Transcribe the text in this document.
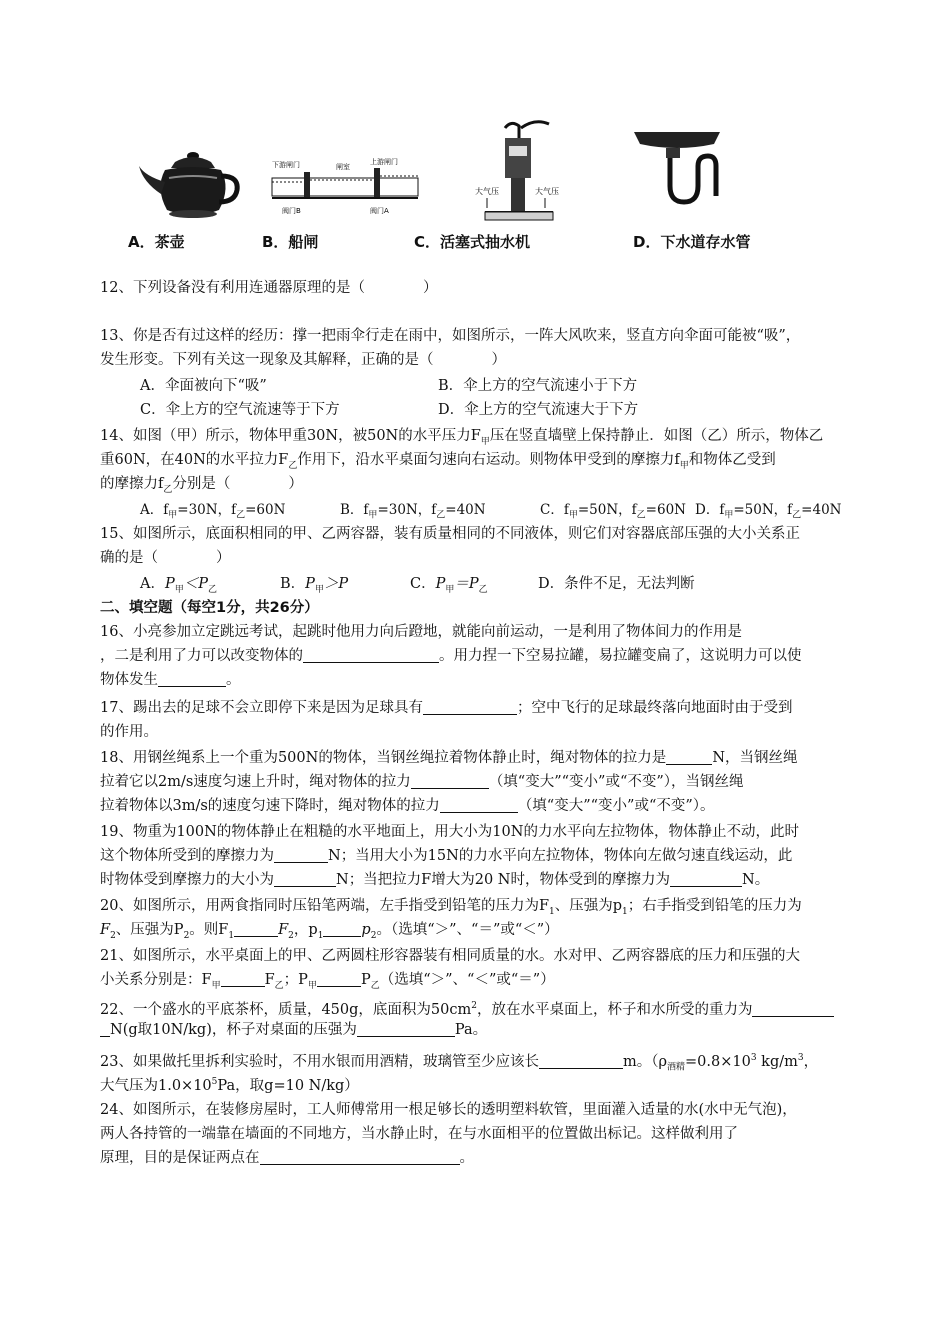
下游闸门	闸室
上游闸门
阀门B	阀门A
大气压	大气压
A．茶壶	B．船闸	C．活塞式抽水机	D．下水道存水管
12、下列设备没有利用连通器原理的是（　　　　）
13、你是否有过这样的经历：撑一把雨伞行走在雨中，如图所示，一阵大风吹来，竖直方向伞面可能被“吸”，
发生形变。下列有关这一现象及其解释，正确的是（　　　　）
A．伞面被向下“吸”	B．伞上方的空气流速小于下方
C．伞上方的空气流速等于下方	D．伞上方的空气流速大于下方
14、如图（甲）所示，物体甲重30N，被50N的水平压力$F_甲$压在竖直墙壁上保持静止．如图（乙）所示，物体乙
重60N，在40N的水平拉力$F_乙$作用下，沿水平桌面匀速向右运动。则物体甲受到的摩擦力$f_甲$和物体乙受到
的摩擦力$f_乙$分别是（　　　　）
A．$f_甲=30N$，$f_乙=60N$	B．$f_甲=30N$，$f_乙=40N$	C．$f_甲=50N$，$f_乙=60N$ D．$f_甲=50N$，$f_乙=40N$
15、如图所示，底面积相同的甲、乙两容器，装有质量相同的不同液体，则它们对容器底部压强的大小关系正
确的是（　　　　）
A．$P_甲<P_乙$	B．$P_甲>P$	C．$P_甲=P_乙$	D．条件不足，无法判断
二、填空题（每空1分，共26分）
16、小亮参加立定跳远考试，起跳时他用力向后蹬地，就能向前运动，一是利用了物体间力的作用是
，二是利用了力可以改变物体的	。用力捏一下空易拉罐，易拉罐变扁了，这说明力可以使
物体发生	。
17、踢出去的足球不会立即停下来是因为足球具有	；空中飞行的足球最终落向地面时由于受到
的作用。
18、用钢丝绳系上一个重为500N的物体，当钢丝绳拉着物体静止时，绳对物体的拉力是	N，当钢丝绳
拉着它以2m/s速度匀速上升时，绳对物体的拉力	（填“变大”“变小”或“不变”），当钢丝绳
拉着物体以3m/s的速度匀速下降时，绳对物体的拉力	（填“变大”“变小”或“不变”）。
19、物重为100N的物体静止在粗糙的水平地面上，用大小为10N的力水平向左拉物体，物体静止不动，此时
这个物体所受到的摩擦力为	N；当用大小为15N的力水平向左拉物体，物体向左做匀速直线运动，此
时物体受到摩擦力的大小为	N；当把拉力F增大为20 N时，物体受到的摩擦力为	N。
20、如图所示，用两食指同时压铅笔两端，左手指受到铅笔的压力为$F_1$、压强为$p_1$；右手指受到铅笔的压力为
$F_2$、压强为$P_2$。则$F_1$	$F_2$，$p_1$	$p_2$。（选填“＞”、“＝”或“＜”）
21、如图所示，水平桌面上的甲、乙两圆柱形容器装有相同质量的水。水对甲、乙两容器底的压力和压强的大
小关系分别是：$F_甲$	$F_乙$；$P_甲$	$P_乙$（选填“＞”、“＜”或“＝”）
22、一个盛水的平底茶杯，质量，450g，底面积为$50cm^2$，放在水平桌面上，杯子和水所受的重力为
N(g取10N/kg)，杯子对桌面的压强为	Pa。
23、如果做托里拆利实验时，不用水银而用酒精，玻璃管至少应该长	m。（$\rho_{酒精}=0.8\times 10^3$ $kg/m^3$，
大气压为$1.0\times 10^5Pa$，取g=10 N/kg）
24、如图所示，在装修房屋时，工人师傅常用一根足够长的透明塑料软管，里面灌入适量的水(水中无气泡)，
两人各持管的一端靠在墙面的不同地方，当水静止时，在与水面相平的位置做出标记。这样做利用了
原理，目的是保证两点在	。
